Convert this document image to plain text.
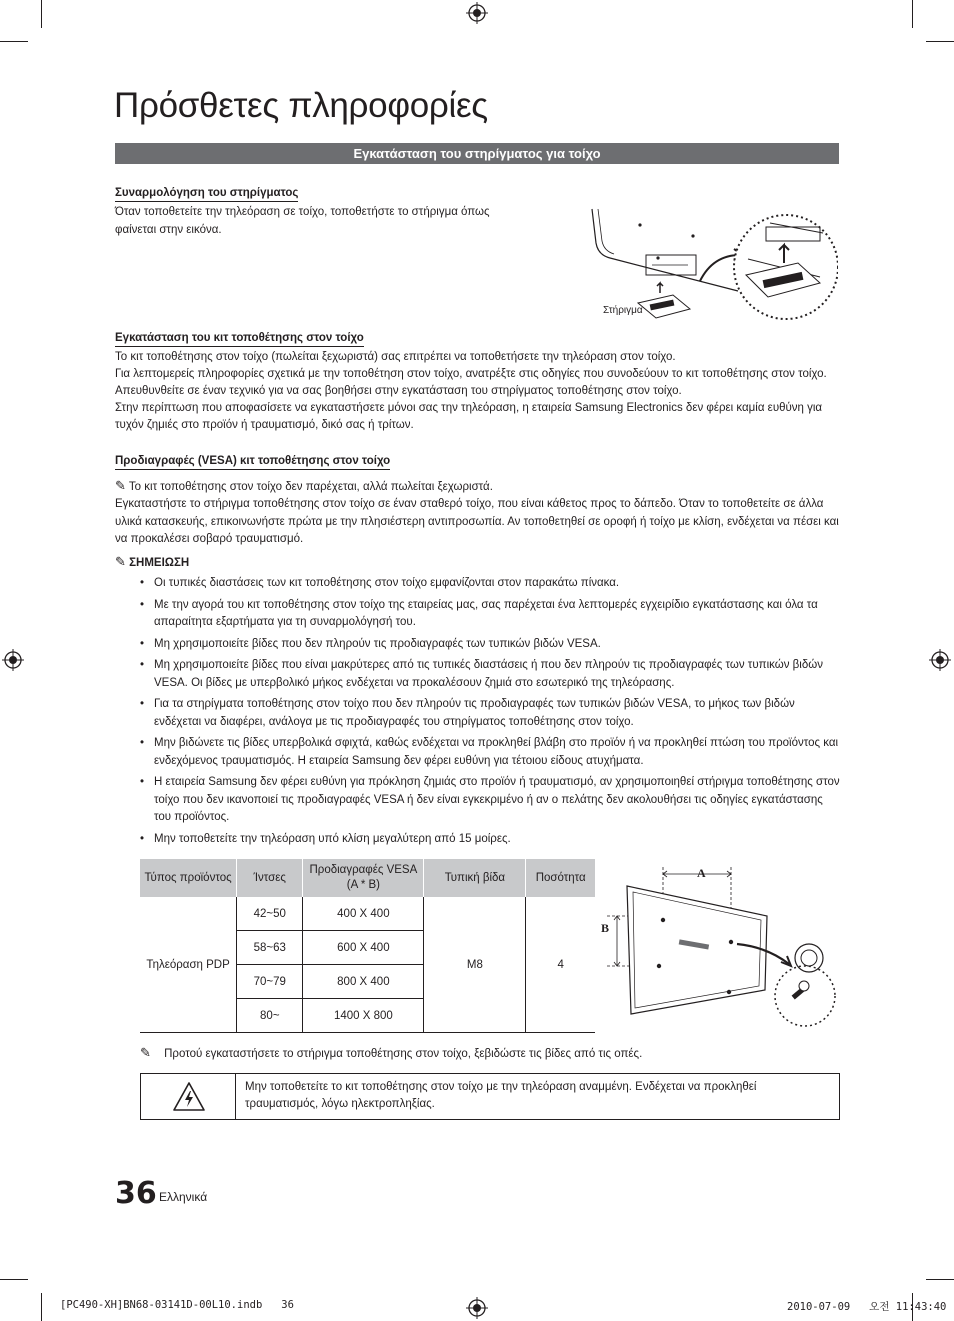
Πρόσθετες πληροφορίες
Εγκατάσταση του στηρίγματος για τοίχο
Συναρμολόγηση του στηρίγματος
Όταν τοποθετείτε την τηλεόραση σε τοίχο, τοποθετήστε το στήριγμα όπως
φαίνεται στην εικόνα.
Στήριγμα
Εγκατάσταση του κιτ τοποθέτησης στον τοίχο

Το κιτ τοποθέτησης στον τοίχο (πωλείται ξεχωριστά) σας επιτρέπει να τοποθετήσετε την τηλεόραση στον τοίχο.

Για λεπτομερείς πληροφορίες σχετικά με την τοποθέτηση στον τοίχο, ανατρέξτε στις οδηγίες που συνοδεύουν το κιτ τοποθέτησης στον τοίχο. Απευθυνθείτε σε έναν τεχνικό για να σας βοηθήσει στην εγκατάσταση του στηρίγματος τοποθέτησης στον τοίχο.

Στην περίπτωση που αποφασίσετε να εγκαταστήσετε μόνοι σας την τηλεόραση, η εταιρεία Samsung Electronics δεν φέρει καμία ευθύνη για τυχόν ζημιές στο προϊόν ή τραυματισμό, δικό σας ή τρίτων.

Προδιαγραφές (VESA) κιτ τοποθέτησης στον τοίχο
✎ Το κιτ τοποθέτησης στον τοίχο δεν παρέχεται, αλλά πωλείται ξεχωριστά.
Εγκαταστήστε το στήριγμα τοποθέτησης στον τοίχο σε έναν σταθερό τοίχο, που είναι κάθετος προς το δάπεδο. Όταν το τοποθετείτε σε άλλα υλικά κατασκευής, επικοινωνήστε πρώτα με την πλησιέστερη αντιπροσωπία. Αν τοποθετηθεί σε οροφή ή τοίχο με κλίση, ενδέχεται να πέσει και να προκαλέσει σοβαρό τραυματισμό.
✎ ΣΗΜΕΙΩΣΗ
• Οι τυπικές διαστάσεις των κιτ τοποθέτησης στον τοίχο εμφανίζονται στον παρακάτω πίνακα.
• Με την αγορά του κιτ τοποθέτησης στον τοίχο της εταιρείας μας, σας παρέχεται ένα λεπτομερές εγχειρίδιο εγκατάστασης και όλα τα απαραίτητα εξαρτήματα για τη συναρμολόγησή του.
• Μη χρησιμοποιείτε βίδες που δεν πληρούν τις προδιαγραφές των τυπικών βιδών VESA.
• Μη χρησιμοποιείτε βίδες που είναι μακρύτερες από τις τυπικές διαστάσεις ή που δεν πληρούν τις προδιαγραφές των τυπικών βιδών VESA. Οι βίδες με υπερβολικό μήκος ενδέχεται να προκαλέσουν ζημιά στο εσωτερικό της τηλεόρασης.
• Για τα στηρίγματα τοποθέτησης στον τοίχο που δεν πληρούν τις προδιαγραφές των τυπικών βιδών VESA, το μήκος των βιδών ενδέχεται να διαφέρει, ανάλογα με τις προδιαγραφές του στηρίγματος τοποθέτησης στον τοίχο.
• Μην βιδώνετε τις βίδες υπερβολικά σφιχτά, καθώς ενδέχεται να προκληθεί βλάβη στο προϊόν ή να προκληθεί πτώση του προϊόντος και ενδεχόμενος τραυματισμός. Η εταιρεία Samsung δεν φέρει ευθύνη για τέτοιου είδους ατυχήματα.
• Η εταιρεία Samsung δεν φέρει ευθύνη για πρόκληση ζημιάς στο προϊόν ή τραυματισμό, αν χρησιμοποιηθεί στήριγμα τοποθέτησης στον τοίχο που δεν ικανοποιεί τις προδιαγραφές VESA ή δεν είναι εγκεκριμένο ή αν ο πελάτης δεν ακολουθήσει τις οδηγίες εγκατάστασης του προϊόντος.
• Μην τοποθετείτε την τηλεόραση υπό κλίση μεγαλύτερη από 15 μοίρες.
Τύπος προϊόντος	Ίντσες	Προδιαγραφές VESA (A * B)	Τυπική βίδα	Ποσότητα
Τηλεόραση PDP	42~50	400 X 400	M8	4
	58~63	600 X 400		
	70~79	800 X 400		
	80~	1400 X 800		
A
B
✎ Προτού εγκαταστήσετε το στήριγμα τοποθέτησης στον τοίχο, ξεβιδώστε τις βίδες από τις οπές.
Μην τοποθετείτε το κιτ τοποθέτησης στον τοίχο με την τηλεόραση αναμμένη. Ενδέχεται να προκληθεί τραυματισμός, λόγω ηλεκτροπληξίας.
36 Ελληνικά
[PC490-XH]BN68-03141D-00L10.indb   36	2010-07-09   오전 11:43:40
